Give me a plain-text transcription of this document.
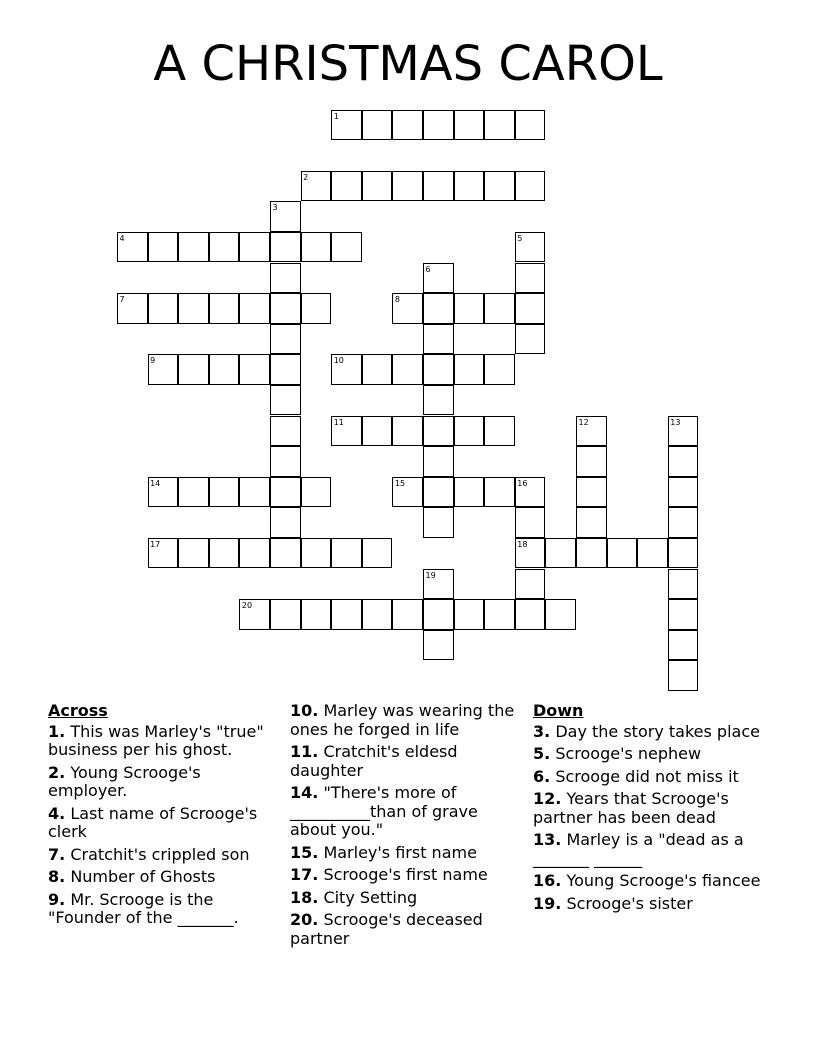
A CHRISTMAS CAROL
1
2
3
4	5
6
7	8
9	10
11	12	13
14	15	16
17	18
19
20
Across
1. This was Marley's "true" business per his ghost.
2. Young Scrooge's employer.
4. Last name of Scrooge's clerk
7. Cratchit's crippled son
8. Number of Ghosts
9. Mr. Scrooge is the "Founder of the _______.
10. Marley was wearing the ones he forged in life
11. Cratchit's eldesd daughter
14. "There's more of __________than of grave about you."
15. Marley's first name
17. Scrooge's first name
18. City Setting
20. Scrooge's deceased partner
Down
3. Day the story takes place
5. Scrooge's nephew
6. Scrooge did not miss it
12. Years that Scrooge's partner has been dead
13. Marley is a "dead as a _______ ______
16. Young Scrooge's fiancee
19. Scrooge's sister
